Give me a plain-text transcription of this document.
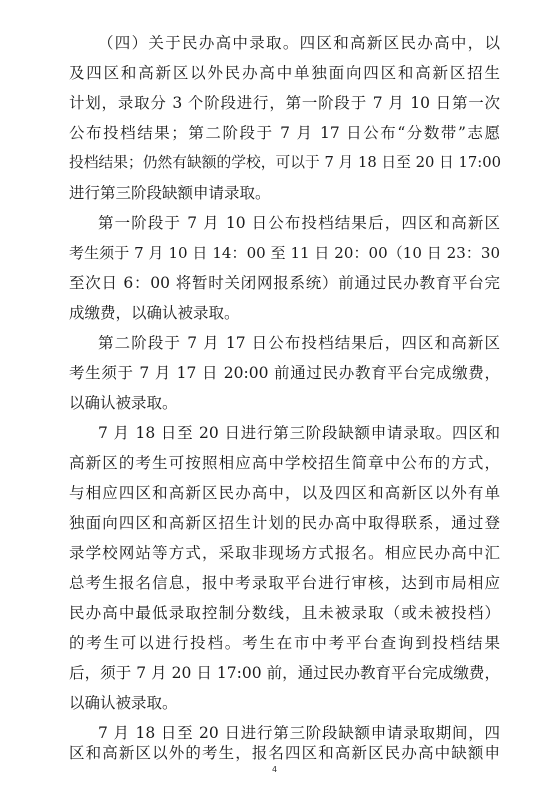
（四）关于民办高中录取。四区和高新区民办高中，以
及四区和高新区以外民办高中单独面向四区和高新区招生
计划，录取分 3 个阶段进行，第一阶段于 7 月 10 日第一次
公布投档结果；第二阶段于 7 月 17 日公布“分数带”志愿
投档结果；仍然有缺额的学校，可以于 7 月 18 日至 20 日 17:00
进行第三阶段缺额申请录取。
第一阶段于 7 月 10 日公布投档结果后，四区和高新区
考生须于 7 月 10 日 14：00 至 11 日 20：00（10 日 23：30
至次日 6：00 将暂时关闭网报系统）前通过民办教育平台完
成缴费，以确认被录取。
第二阶段于 7 月 17 日公布投档结果后，四区和高新区
考生须于 7 月 17 日 20:00 前通过民办教育平台完成缴费，
以确认被录取。
7 月 18 日至 20 日进行第三阶段缺额申请录取。四区和
高新区的考生可按照相应高中学校招生简章中公布的方式，
与相应四区和高新区民办高中，以及四区和高新区以外有单
独面向四区和高新区招生计划的民办高中取得联系，通过登
录学校网站等方式，采取非现场方式报名。相应民办高中汇
总考生报名信息，报中考录取平台进行审核，达到市局相应
民办高中最低录取控制分数线，且未被录取（或未被投档）
的考生可以进行投档。考生在市中考平台查询到投档结果
后，须于 7 月 20 日 17:00 前，通过民办教育平台完成缴费，
以确认被录取。
7 月 18 日至 20 日进行第三阶段缺额申请录取期间，四
区和高新区以外的考生，报名四区和高新区民办高中缺额申
4
